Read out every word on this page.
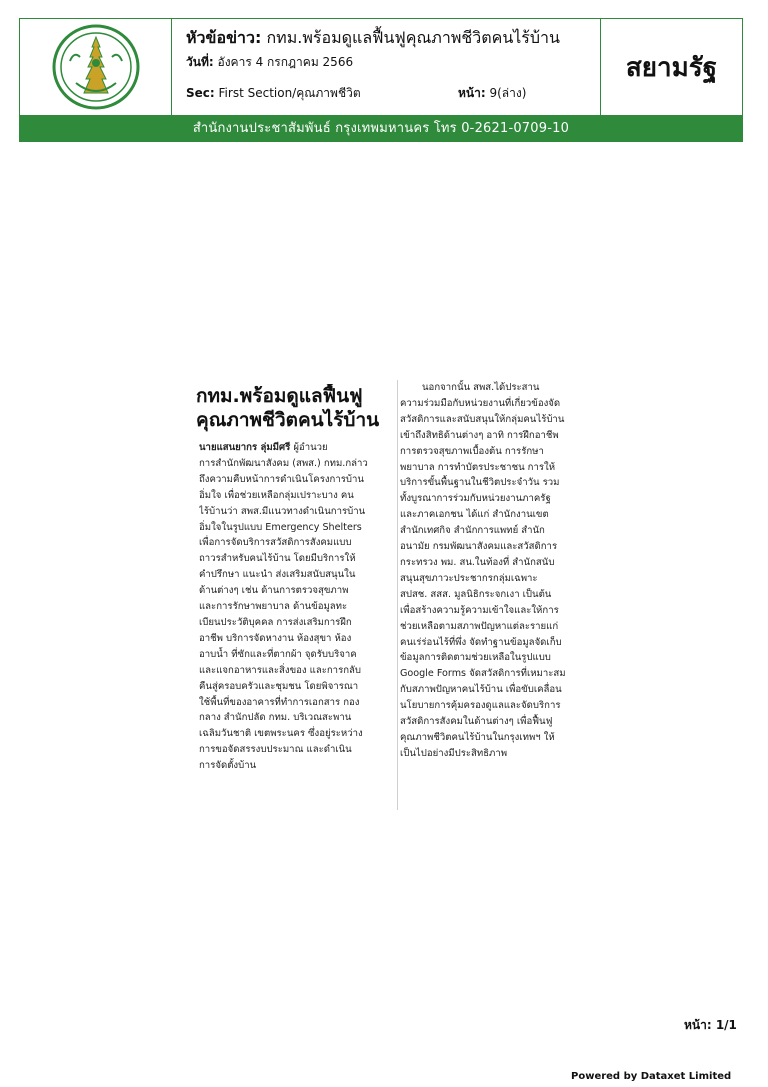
หัวข้อข่าว: กทม.พร้อมดูแลฟื้นฟูคุณภาพชีวิตคนไร้บ้าน
วันที่: อังคาร 4 กรกฎาคม 2566
Sec: First Section/คุณภาพชีวิต	หน้า: 9(ล่าง)
สยามรัฐ
สำนักงานประชาสัมพันธ์ กรุงเทพมหานคร โทร 0-2621-0709-10
กทม.พร้อมดูแลฟื้นฟู
คุณภาพชีวิตคนไร้บ้าน
นายแสนยากร ลุ่มมีศรี ผู้อำนวย
การสำนักพัฒนาสังคม (สพส.) กทม.กล่าว
ถึงความคืบหน้าการดำเนินโครงการบ้าน
อิ่มใจ เพื่อช่วยเหลือกลุ่มเปราะบาง คน
ไร้บ้านว่า สพส.มีแนวทางดำเนินการบ้าน
อิ่มใจในรูปแบบ Emergency Shelters
เพื่อการจัดบริการสวัสดิการสังคมแบบ
ถาวรสำหรับคนไร้บ้าน โดยมีบริการให้
คำปรึกษา แนะนำ ส่งเสริมสนับสนุนใน
ด้านต่างๆ เช่น ด้านการตรวจสุขภาพ
และการรักษาพยาบาล ด้านข้อมูลทะ
เบียนประวัติบุคคล การส่งเสริมการฝึก
อาชีพ บริการจัดหางาน ห้องสุขา ห้อง
อาบน้ำ ที่ซักและที่ตากผ้า จุดรับบริจาค
และแจกอาหารและสิ่งของ และการกลับ
คืนสู่ครอบครัวและชุมชน โดยพิจารณา
ใช้พื้นที่ของอาคารที่ทำการเอกสาร กอง
กลาง สำนักปลัด กทม. บริเวณสะพาน
เฉลิมวันชาติ เขตพระนคร ซึ่งอยู่ระหว่าง
การขอจัดสรรงบประมาณ และดำเนิน
การจัดตั้งบ้าน
นอกจากนั้น สพส.ได้ประสาน
ความร่วมมือกับหน่วยงานที่เกี่ยวข้องจัด
สวัสดิการและสนับสนุนให้กลุ่มคนไร้บ้าน
เข้าถึงสิทธิด้านต่างๆ อาทิ การฝึกอาชีพ
การตรวจสุขภาพเบื้องต้น การรักษา
พยาบาล การทำบัตรประชาชน การให้
บริการขั้นพื้นฐานในชีวิตประจำวัน รวม
ทั้งบูรณาการร่วมกับหน่วยงานภาครัฐ
และภาคเอกชน ได้แก่ สำนักงานเขต
สำนักเทศกิจ สำนักการแพทย์ สำนัก
อนามัย กรมพัฒนาสังคมและสวัสดิการ
กระทรวง พม. สน.ในท้องที่ สำนักสนับ
สนุนสุขภาวะประชากรกลุ่มเฉพาะ
สปสช. สสส. มูลนิธิกระจกเงา เป็นต้น
เพื่อสร้างความรู้ความเข้าใจและให้การ
ช่วยเหลือตามสภาพปัญหาแต่ละรายแก่
คนเร่ร่อนไร้ที่พึ่ง จัดทำฐานข้อมูลจัดเก็บ
ข้อมูลการติดตามช่วยเหลือในรูปแบบ
Google Forms จัดสวัสดิการที่เหมาะสม
กับสภาพปัญหาคนไร้บ้าน เพื่อขับเคลื่อน
นโยบายการคุ้มครองดูแลและจัดบริการ
สวัสดิการสังคมในด้านต่างๆ เพื่อฟื้นฟู
คุณภาพชีวิตคนไร้บ้านในกรุงเทพฯ ให้
เป็นไปอย่างมีประสิทธิภาพ
หน้า: 1/1
Powered by Dataxet Limited
